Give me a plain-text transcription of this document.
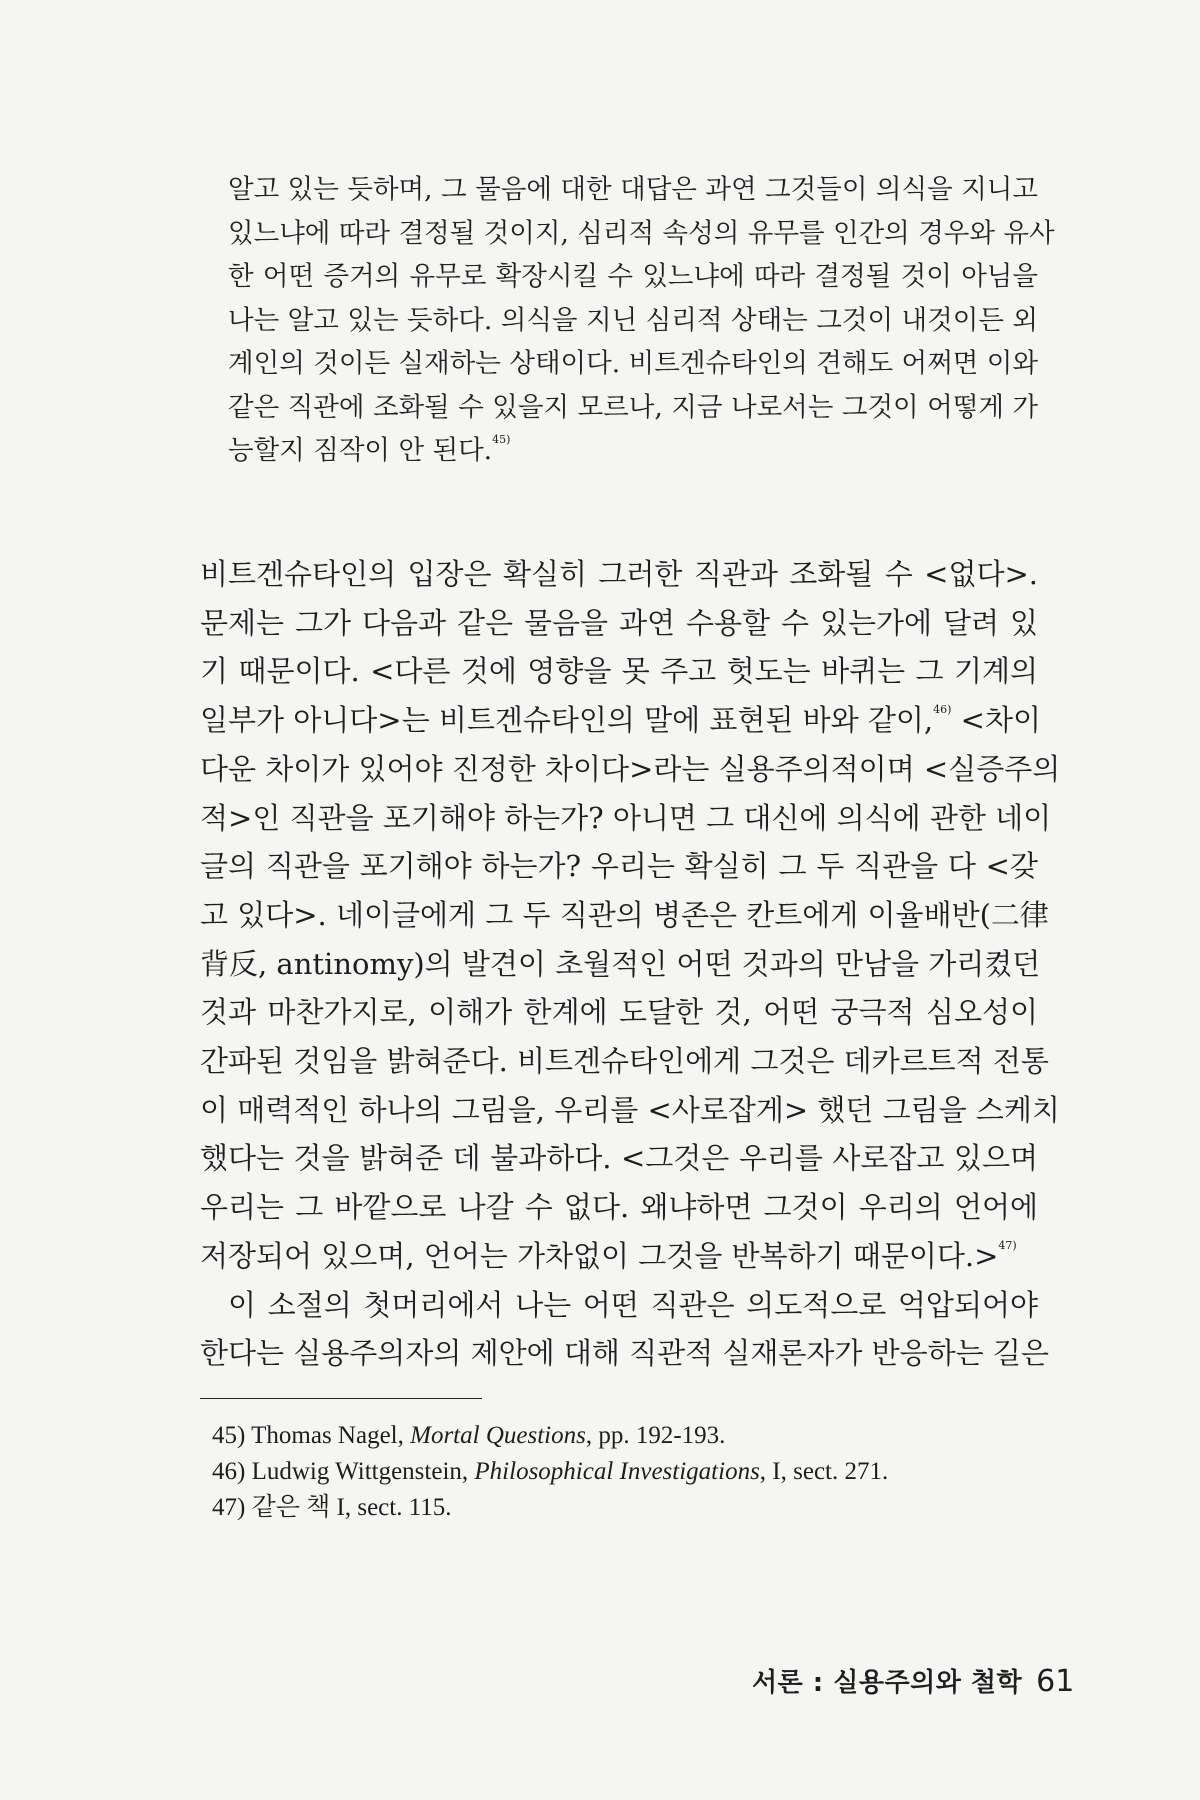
알고 있는 듯하며, 그 물음에 대한 대답은 과연 그것들이 의식을 지니고
있느냐에 따라 결정될 것이지, 심리적 속성의 유무를 인간의 경우와 유사
한 어떤 증거의 유무로 확장시킬 수 있느냐에 따라 결정될 것이 아님을
나는 알고 있는 듯하다. 의식을 지닌 심리적 상태는 그것이 내것이든 외
계인의 것이든 실재하는 상태이다. 비트겐슈타인의 견해도 어쩌면 이와
같은 직관에 조화될 수 있을지 모르나, 지금 나로서는 그것이 어떻게 가
능할지 짐작이 안 된다.$^{45)}$
비트겐슈타인의 입장은 확실히 그러한 직관과 조화될 수 <없다>.
문제는 그가 다음과 같은 물음을 과연 수용할 수 있는가에 달려 있
기 때문이다. <다른 것에 영향을 못 주고 헛도는 바퀴는 그 기계의
일부가 아니다>는 비트겐슈타인의 말에 표현된 바와 같이,$^{46)}$ <차이
다운 차이가 있어야 진정한 차이다>라는 실용주의적이며 <실증주의
적>인 직관을 포기해야 하는가? 아니면 그 대신에 의식에 관한 네이
글의 직관을 포기해야 하는가? 우리는 확실히 그 두 직관을 다 <갖
고 있다>. 네이글에게 그 두 직관의 병존은 칸트에게 이율배반(二律
背反, antinomy)의 발견이 초월적인 어떤 것과의 만남을 가리켰던
것과 마찬가지로, 이해가 한계에 도달한 것, 어떤 궁극적 심오성이
간파된 것임을 밝혀준다. 비트겐슈타인에게 그것은 데카르트적 전통
이 매력적인 하나의 그림을, 우리를 <사로잡게> 했던 그림을 스케치
했다는 것을 밝혀준 데 불과하다. <그것은 우리를 사로잡고 있으며
우리는 그 바깥으로 나갈 수 없다. 왜냐하면 그것이 우리의 언어에
저장되어 있으며, 언어는 가차없이 그것을 반복하기 때문이다.>$^{47)}$
이 소절의 첫머리에서 나는 어떤 직관은 의도적으로 억압되어야
한다는 실용주의자의 제안에 대해 직관적 실재론자가 반응하는 길은
45) Thomas Nagel, Mortal Questions, pp. 192-193.
46) Ludwig Wittgenstein, Philosophical Investigations, I, sect. 271.
47) 같은 책 I, sect. 115.
서론 : 실용주의와 철학 61
